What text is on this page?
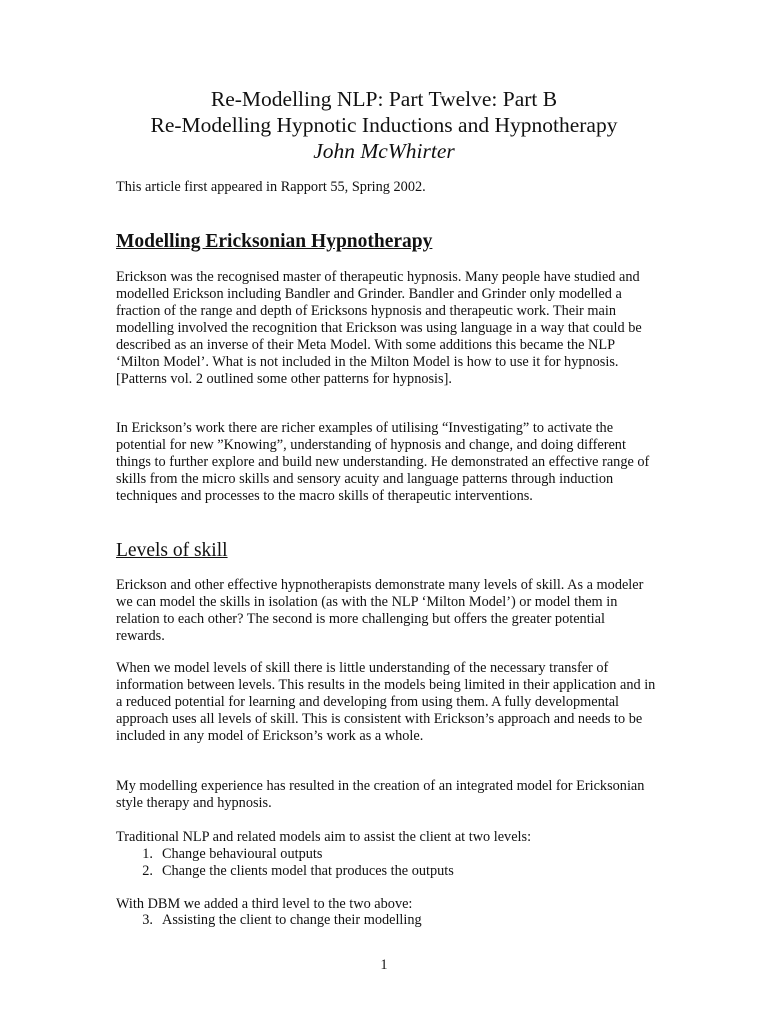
Re-Modelling NLP: Part Twelve: Part B

Re-Modelling Hypnotic Inductions and Hypnotherapy

John McWhirter

This article first appeared in Rapport 55, Spring 2002.

Modelling Ericksonian Hypnotherapy

Erickson was the recognised master of therapeutic hypnosis. Many people have studied and modelled Erickson including Bandler and Grinder. Bandler and Grinder only modelled a fraction of the range and depth of Ericksons hypnosis and therapeutic work. Their main modelling involved the recognition that Erickson was using language in a way that could be described as an inverse of their Meta Model. With some additions this became the NLP ‘Milton Model’. What is not included in the Milton Model is how to use it for hypnosis. [Patterns vol. 2 outlined some other patterns for hypnosis].

In Erickson’s work there are richer examples of utilising “Investigating” to activate the potential for new ”Knowing”, understanding of hypnosis and change, and doing different things to further explore and build new understanding. He demonstrated an effective range of skills from the micro skills and sensory acuity and language patterns through induction techniques and processes to the macro skills of therapeutic interventions.

Levels of skill

Erickson and other effective hypnotherapists demonstrate many levels of skill. As a modeler we can model the skills in isolation (as with the NLP ‘Milton Model’) or model them in relation to each other? The second is more challenging but offers the greater potential rewards.

When we model levels of skill there is little understanding of the necessary transfer of information between levels. This results in the models being limited in their application and in a reduced potential for learning and developing from using them. A fully developmental approach uses all levels of skill. This is consistent with Erickson’s approach and needs to be included in any model of Erickson’s work as a whole.

My modelling experience has resulted in the creation of an integrated model for Ericksonian style therapy and hypnosis.

Traditional NLP and related models aim to assist the client at two levels:

1. Change behavioural outputs
2. Change the clients model that produces the outputs

With DBM we added a third level to the two above:

3. Assisting the client to change their modelling
1
